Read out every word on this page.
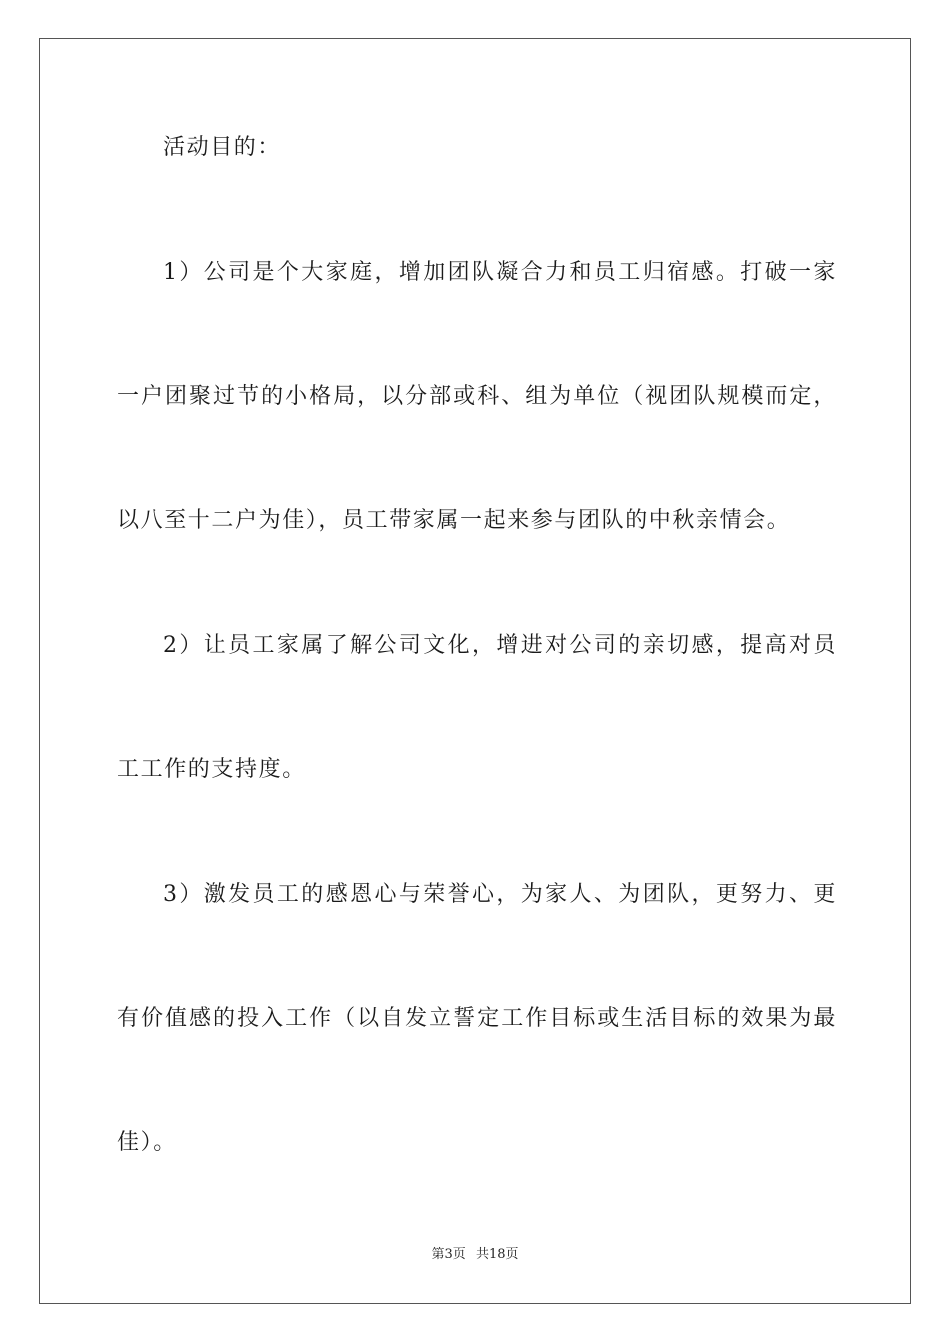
活动目的：
1）公司是个大家庭，增加团队凝合力和员工归宿感。打破一家
一户团聚过节的小格局，以分部或科、组为单位（视团队规模而定，
以八至十二户为佳），员工带家属一起来参与团队的中秋亲情会。
2）让员工家属了解公司文化，增进对公司的亲切感，提高对员
工工作的支持度。
3）激发员工的感恩心与荣誉心，为家人、为团队，更努力、更
有价值感的投入工作（以自发立誓定工作目标或生活目标的效果为最
佳）。
第3页 共18页
